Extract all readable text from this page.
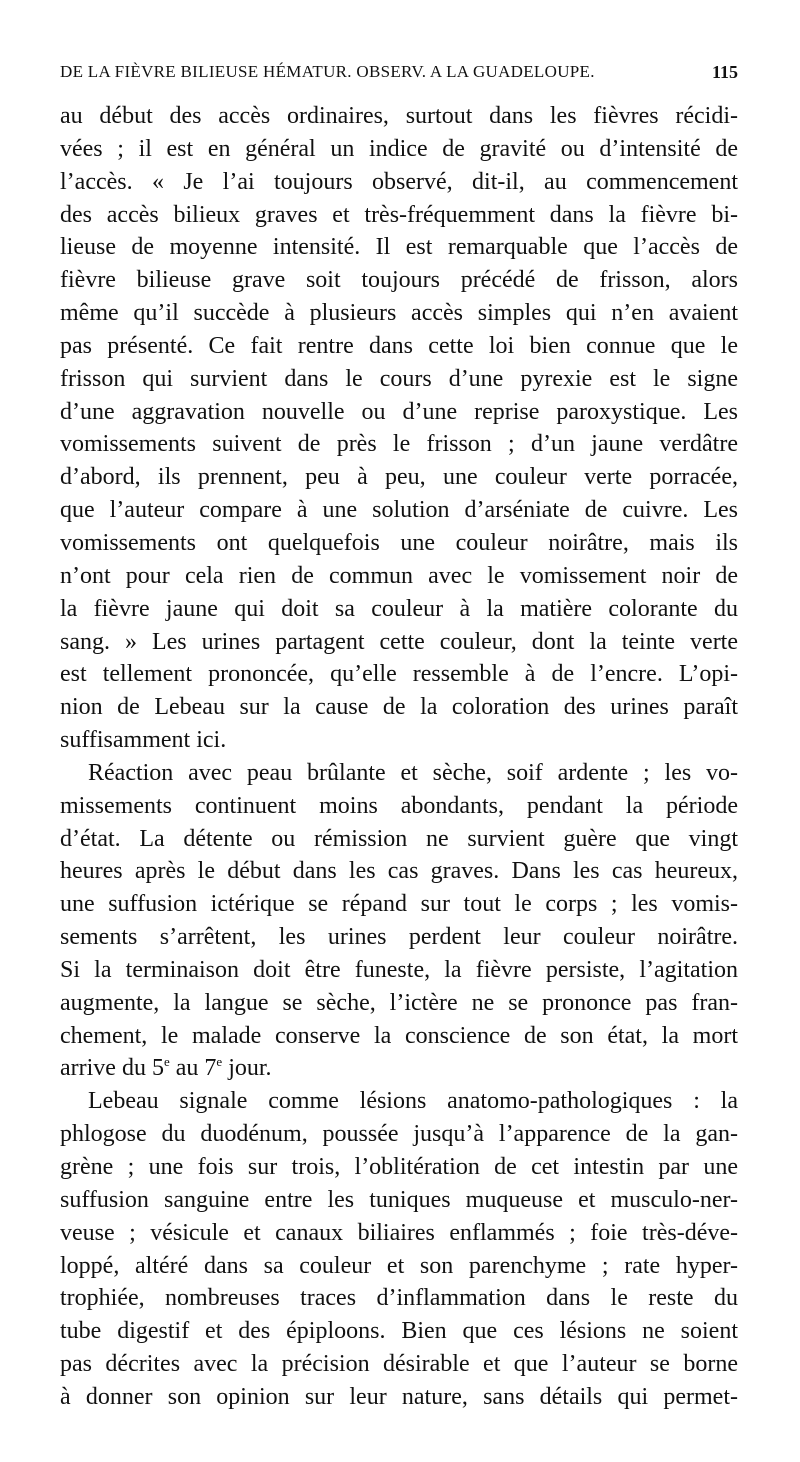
DE LA FIÈVRE BILIEUSE HÉMATUR. OBSERV. A LA GUADELOUPE.	115
au début des accès ordinaires, surtout dans les fièvres récidi-
vées ; il est en général un indice de gravité ou d’intensité de
l’accès. « Je l’ai toujours observé, dit-il, au commencement
des accès bilieux graves et très-fréquemment dans la fièvre bi-
lieuse de moyenne intensité. Il est remarquable que l’accès de
fièvre bilieuse grave soit toujours précédé de frisson, alors
même qu’il succède à plusieurs accès simples qui n’en avaient
pas présenté. Ce fait rentre dans cette loi bien connue que le
frisson qui survient dans le cours d’une pyrexie est le signe
d’une aggravation nouvelle ou d’une reprise paroxystique. Les
vomissements suivent de près le frisson ; d’un jaune verdâtre
d’abord, ils prennent, peu à peu, une couleur verte porracée,
que l’auteur compare à une solution d’arséniate de cuivre. Les
vomissements ont quelquefois une couleur noirâtre, mais ils
n’ont pour cela rien de commun avec le vomissement noir de
la fièvre jaune qui doit sa couleur à la matière colorante du
sang. » Les urines partagent cette couleur, dont la teinte verte
est tellement prononcée, qu’elle ressemble à de l’encre. L’opi-
nion de Lebeau sur la cause de la coloration des urines paraît
suffisamment ici.
Réaction avec peau brûlante et sèche, soif ardente ; les vo-
missements continuent moins abondants, pendant la période
d’état. La détente ou rémission ne survient guère que vingt
heures après le début dans les cas graves. Dans les cas heureux,
une suffusion ictérique se répand sur tout le corps ; les vomis-
sements s’arrêtent, les urines perdent leur couleur noirâtre.
Si la terminaison doit être funeste, la fièvre persiste, l’agitation
augmente, la langue se sèche, l’ictère ne se prononce pas fran-
chement, le malade conserve la conscience de son état, la mort
arrive du 5e au 7e jour.
Lebeau signale comme lésions anatomo-pathologiques : la
phlogose du duodénum, poussée jusqu’à l’apparence de la gan-
grène ; une fois sur trois, l’oblitération de cet intestin par une
suffusion sanguine entre les tuniques muqueuse et musculo-ner-
veuse ; vésicule et canaux biliaires enflammés ; foie très-déve-
loppé, altéré dans sa couleur et son parenchyme ; rate hyper-
trophiée, nombreuses traces d’inflammation dans le reste du
tube digestif et des épiploons. Bien que ces lésions ne soient
pas décrites avec la précision désirable et que l’auteur se borne
à donner son opinion sur leur nature, sans détails qui permet-
